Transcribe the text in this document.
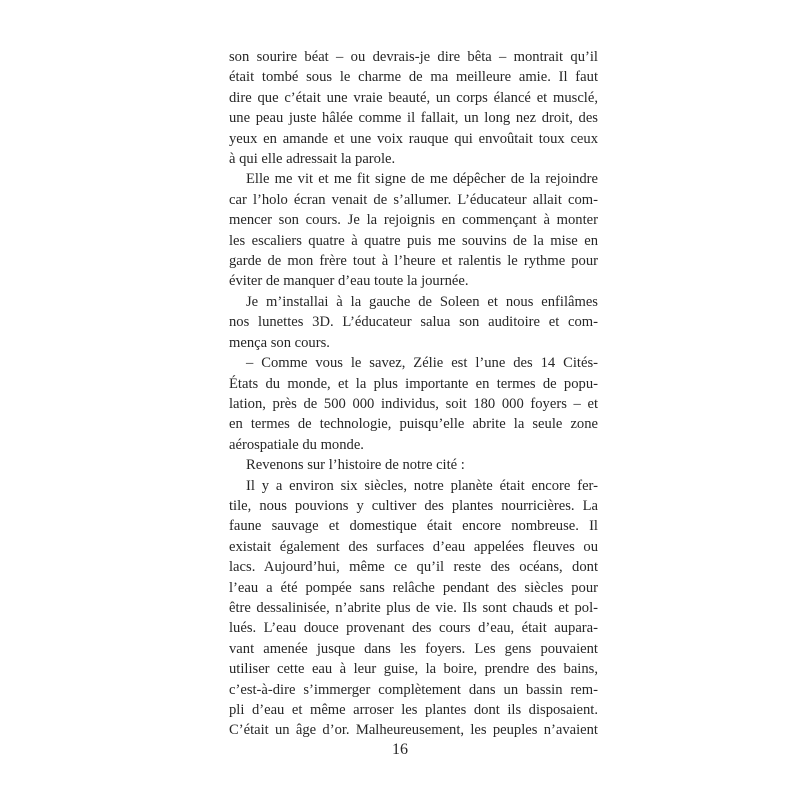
son sourire béat – ou devrais-je dire bêta – montrait qu’il
était tombé sous le charme de ma meilleure amie. Il faut
dire que c’était une vraie beauté, un corps élancé et musclé,
une peau juste hâlée comme il fallait, un long nez droit, des
yeux en amande et une voix rauque qui envoûtait toux ceux
à qui elle adressait la parole.
Elle me vit et me fit signe de me dépêcher de la rejoindre
car l’holo écran venait de s’allumer. L’éducateur allait com-
mencer son cours. Je la rejoignis en commençant à monter
les escaliers quatre à quatre puis me souvins de la mise en
garde de mon frère tout à l’heure et ralentis le rythme pour
éviter de manquer d’eau toute la journée.
Je m’installai à la gauche de Soleen et nous enfilâmes
nos lunettes 3D. L’éducateur salua son auditoire et com-
mença son cours.
– Comme vous le savez, Zélie est l’une des 14 Cités-
États du monde, et la plus importante en termes de popu-
lation, près de 500 000 individus, soit 180 000 foyers – et
en termes de technologie, puisqu’elle abrite la seule zone
aérospatiale du monde.
Revenons sur l’histoire de notre cité :
Il y a environ six siècles, notre planète était encore fer-
tile, nous pouvions y cultiver des plantes nourricières. La
faune sauvage et domestique était encore nombreuse. Il
existait également des surfaces d’eau appelées fleuves ou
lacs. Aujourd’hui, même ce qu’il reste des océans, dont
l’eau a été pompée sans relâche pendant des siècles pour
être dessalinisée, n’abrite plus de vie. Ils sont chauds et pol-
lués. L’eau douce provenant des cours d’eau, était aupara-
vant amenée jusque dans les foyers. Les gens pouvaient
utiliser cette eau à leur guise, la boire, prendre des bains,
c’est-à-dire s’immerger complètement dans un bassin rem-
pli d’eau et même arroser les plantes dont ils disposaient.
C’était un âge d’or. Malheureusement, les peuples n’avaient
16
